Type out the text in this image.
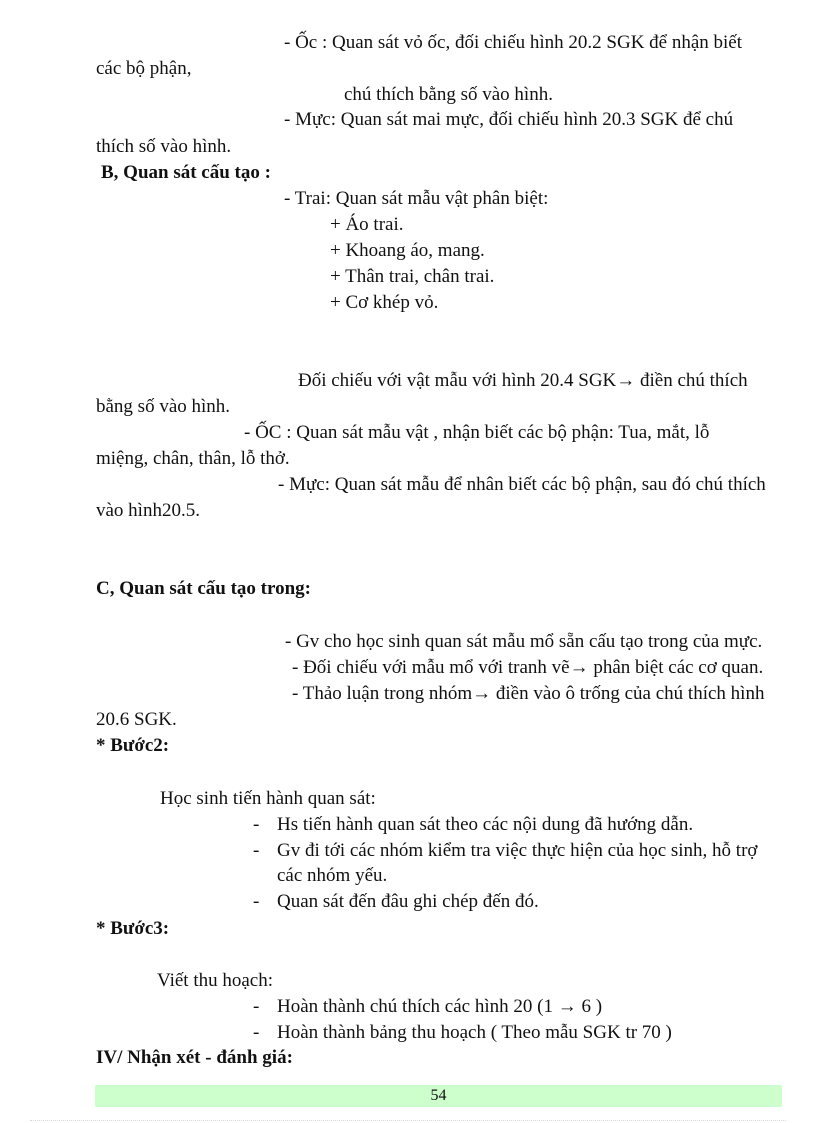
- Ốc : Quan sát vỏ ốc, đối chiếu hình 20.2 SGK để nhận biết
các bộ phận,
chú thích bằng số vào hình.
- Mực: Quan sát mai mực, đối chiếu hình 20.3 SGK để chú
thích số vào hình.
B, Quan sát cấu tạo :
- Trai: Quan sát mẫu vật phân biệt:
+ Áo trai.
+ Khoang áo, mang.
+ Thân trai, chân trai.
+ Cơ khép vỏ.
Đối chiếu với vật mẫu với hình 20.4 SGK→ điền chú thích
bằng số vào hình.
- ỐC : Quan sát mẫu vật , nhận biết các bộ phận: Tua, mắt, lỗ
miệng, chân, thân, lỗ thở.
- Mực: Quan sát mẫu để nhân biết các bộ phận, sau đó chú thích
vào hình20.5.
C, Quan sát cấu tạo trong:
- Gv cho học sinh quan sát mẫu mổ sẵn cấu tạo trong của mực.
- Đối chiếu với mẫu mổ với tranh vẽ→ phân biệt các cơ quan.
- Thảo luận trong nhóm→ điền vào ô trống của chú thích hình
20.6 SGK.
* Bước2:
Học sinh tiến hành quan sát:
- Hs tiến hành quan sát theo các nội dung đã hướng dẫn.
- Gv đi tới các nhóm kiểm tra việc thực hiện của học sinh, hỗ trợ
các nhóm yếu.
- Quan sát đến đâu ghi chép đến đó.
* Bước3:
Viết thu hoạch:
- Hoàn thành chú thích các hình 20 (1 → 6 )
- Hoàn thành bảng thu hoạch ( Theo mẫu SGK tr 70 )
IV/ Nhận xét - đánh giá:
54
